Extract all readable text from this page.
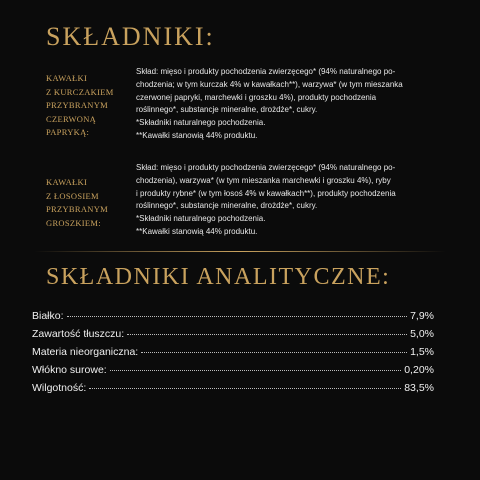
SKŁADNIKI:
KAWAŁKI
Z KURCZAKIEM
PRZYBRANYM
CZERWONĄ
PAPRYKĄ:
Skład: mięso i produkty pochodzenia zwierzęcego* (94% naturalnego po-
chodzenia; w tym kurczak 4% w kawałkach**), warzywa* (w tym mieszanka
czerwonej papryki, marchewki i groszku 4%), produkty pochodzenia
roślinnego*, substancje mineralne, drożdże*, cukry.
*Składniki naturalnego pochodzenia.
**Kawałki stanowią 44% produktu.
KAWAŁKI
Z ŁOSOSIEM
PRZYBRANYM
GROSZKIEM:
Skład: mięso i produkty pochodzenia zwierzęcego* (94% naturalnego po-
chodzenia), warzywa* (w tym mieszanka marchewki i groszku 4%), ryby
i produkty rybne* (w tym łosoś 4% w kawałkach**), produkty pochodzenia
roślinnego*, substancje mineralne, drożdże*, cukry.
*Składniki naturalnego pochodzenia.
**Kawałki stanowią 44% produktu.
SKŁADNIKI ANALITYCZNE:
Białko:	7,9%
Zawartość tłuszczu:	5,0%
Materia nieorganiczna:	1,5%
Włókno surowe:	0,20%
Wilgotność:	83,5%
